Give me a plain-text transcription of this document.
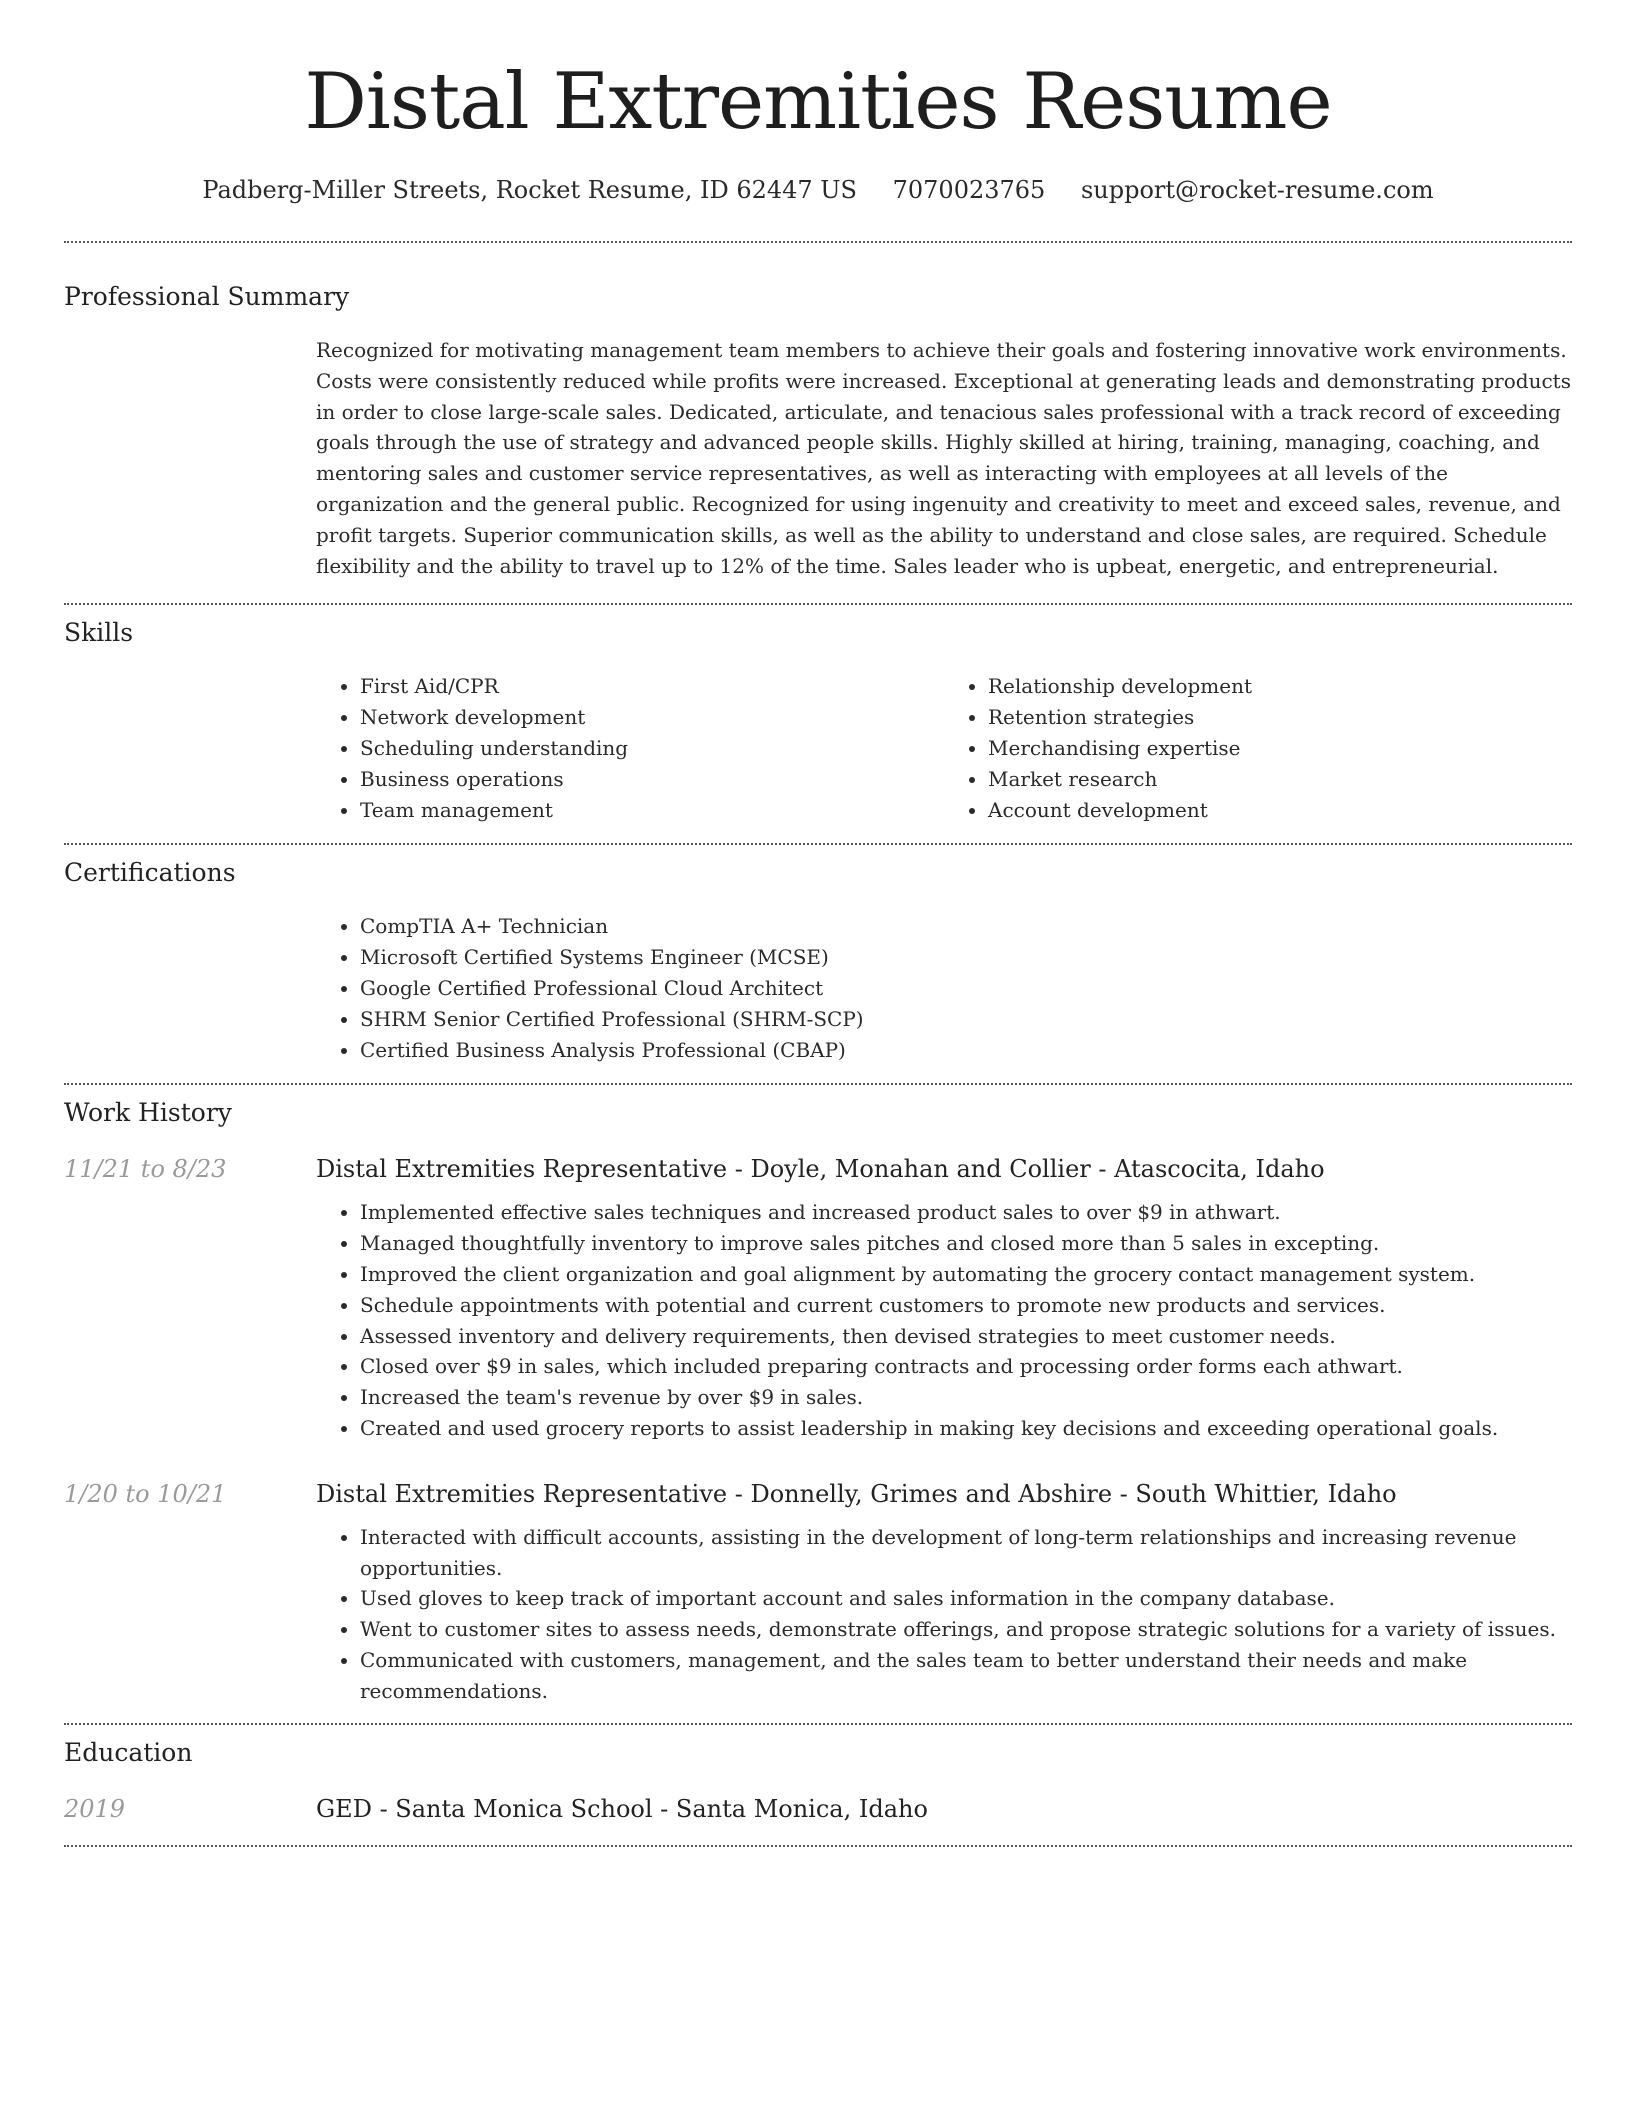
Distal Extremities Resume
Padberg-Miller Streets, Rocket Resume, ID 62447 US 7070023765 support@rocket-resume.com
Professional Summary

Recognized for motivating management team members to achieve their goals and fostering innovative work environments. Costs were consistently reduced while profits were increased. Exceptional at generating leads and demonstrating products in order to close large-scale sales. Dedicated, articulate, and tenacious sales professional with a track record of exceeding goals through the use of strategy and advanced people skills. Highly skilled at hiring, training, managing, coaching, and mentoring sales and customer service representatives, as well as interacting with employees at all levels of the organization and the general public. Recognized for using ingenuity and creativity to meet and exceed sales, revenue, and profit targets. Superior communication skills, as well as the ability to understand and close sales, are required. Schedule flexibility and the ability to travel up to 12% of the time. Sales leader who is upbeat, energetic, and entrepreneurial.

Skills
• First Aid/CPR
• Network development
• Scheduling understanding
• Business operations
• Team management
• Relationship development
• Retention strategies
• Merchandising expertise
• Market research
• Account development
Certifications
• CompTIA A+ Technician
• Microsoft Certified Systems Engineer (MCSE)
• Google Certified Professional Cloud Architect
• SHRM Senior Certified Professional (SHRM-SCP)
• Certified Business Analysis Professional (CBAP)
Work History
11/21 to 8/23	Distal Extremities Representative - Doyle, Monahan and Collier - Atascocita, Idaho
• Implemented effective sales techniques and increased product sales to over $9 in athwart.
• Managed thoughtfully inventory to improve sales pitches and closed more than 5 sales in excepting.
• Improved the client organization and goal alignment by automating the grocery contact management system.
• Schedule appointments with potential and current customers to promote new products and services.
• Assessed inventory and delivery requirements, then devised strategies to meet customer needs.
• Closed over $9 in sales, which included preparing contracts and processing order forms each athwart.
• Increased the team's revenue by over $9 in sales.
• Created and used grocery reports to assist leadership in making key decisions and exceeding operational goals.
1/20 to 10/21	Distal Extremities Representative - Donnelly, Grimes and Abshire - South Whittier, Idaho
• Interacted with difficult accounts, assisting in the development of long-term relationships and increasing revenue opportunities.
• Used gloves to keep track of important account and sales information in the company database.
• Went to customer sites to assess needs, demonstrate offerings, and propose strategic solutions for a variety of issues.
• Communicated with customers, management, and the sales team to better understand their needs and make recommendations.
Education
2019	GED - Santa Monica School - Santa Monica, Idaho
